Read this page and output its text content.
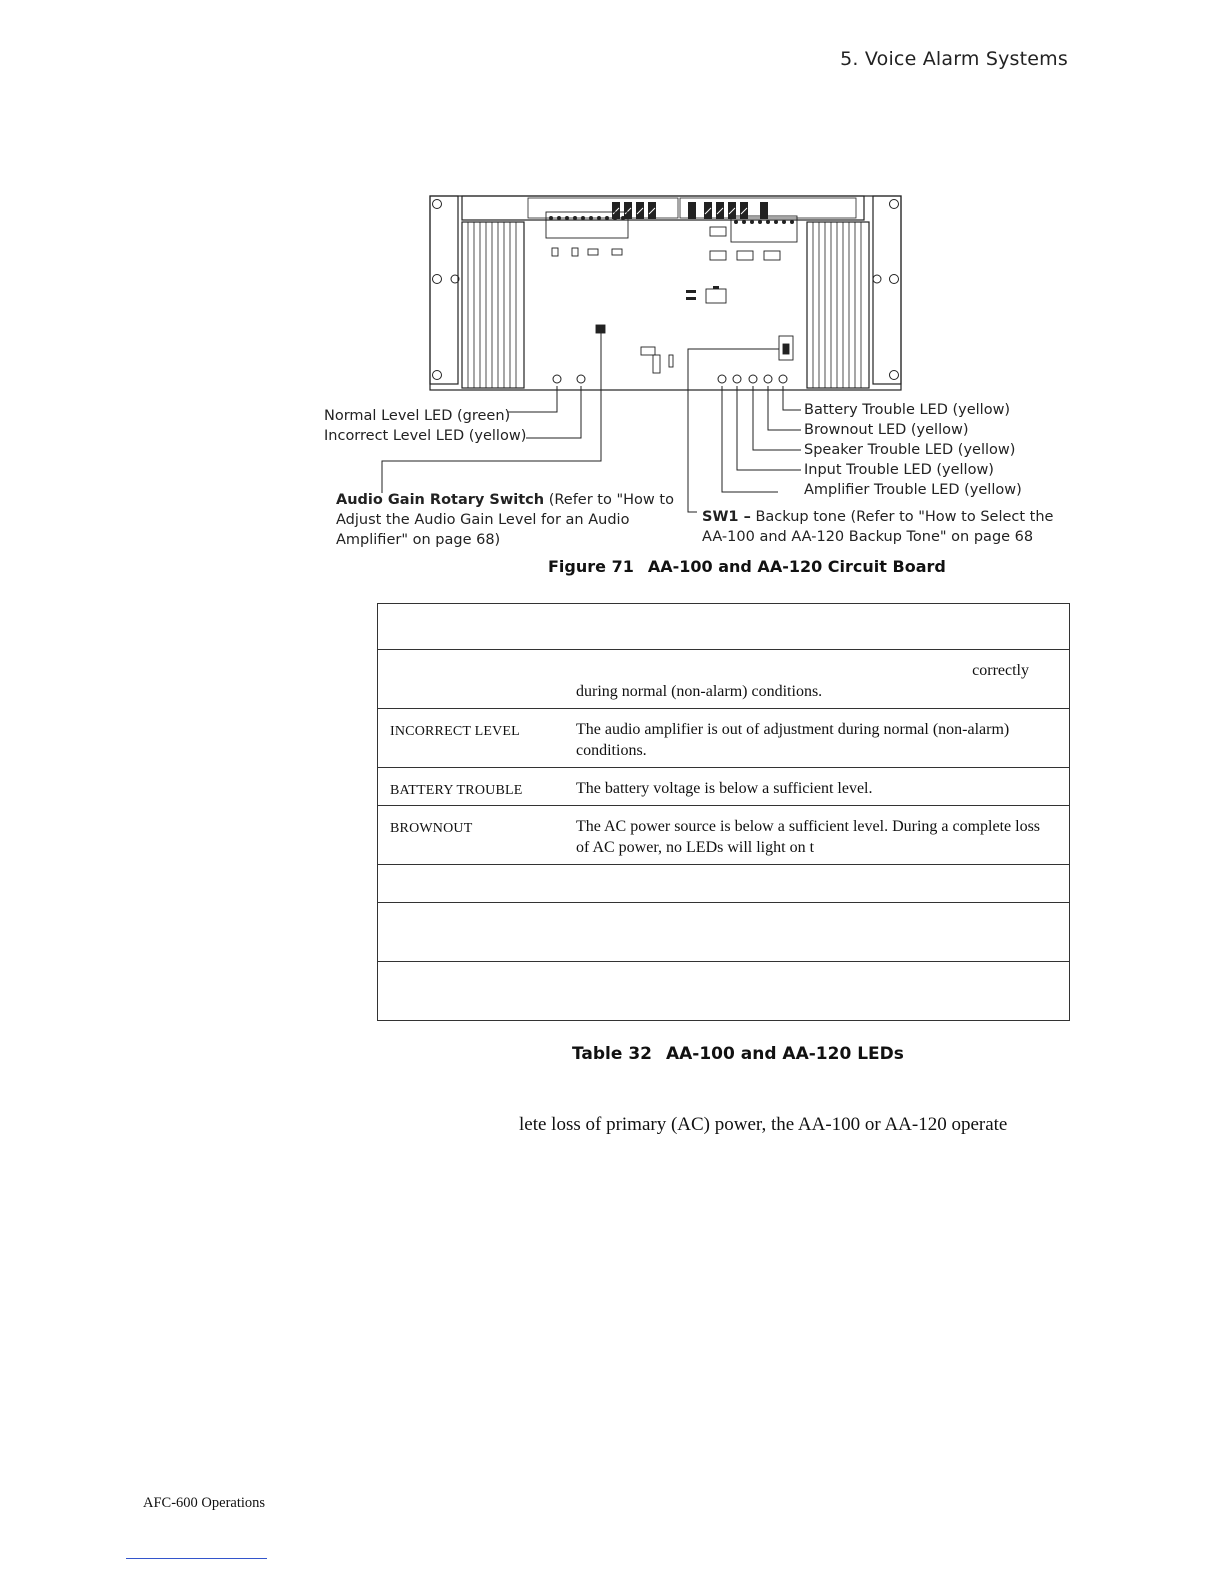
5. Voice Alarm Systems
Normal Level LED (green)
Incorrect Level LED (yellow)
Audio Gain Rotary Switch (Refer to "How to
Adjust the Audio Gain Level for an Audio
Amplifier" on page 68)
Battery Trouble LED (yellow)
Brownout LED (yellow)
Speaker Trouble LED (yellow)
Input Trouble LED (yellow)
Amplifier Trouble LED (yellow)
SW1 – Backup tone (Refer to "How to Select the
AA-100 and AA-120 Backup Tone" on page 68
Figure 71 AA-100 and AA-120 Circuit Board

	correctly
during normal (non-alarm) conditions.
INCORRECT LEVEL	The audio amplifier is out of adjustment during normal (non-alarm) conditions.
BATTERY TROUBLE	The battery voltage is below a sufficient level.
BROWNOUT	The AC power source is below a sufficient level. During a complete loss of AC power, no LEDs will light on t

Table 32 AA-100 and AA-120 LEDs
lete loss of primary (AC) power, the AA-100 or AA-120 operate
AFC-600 Operations
